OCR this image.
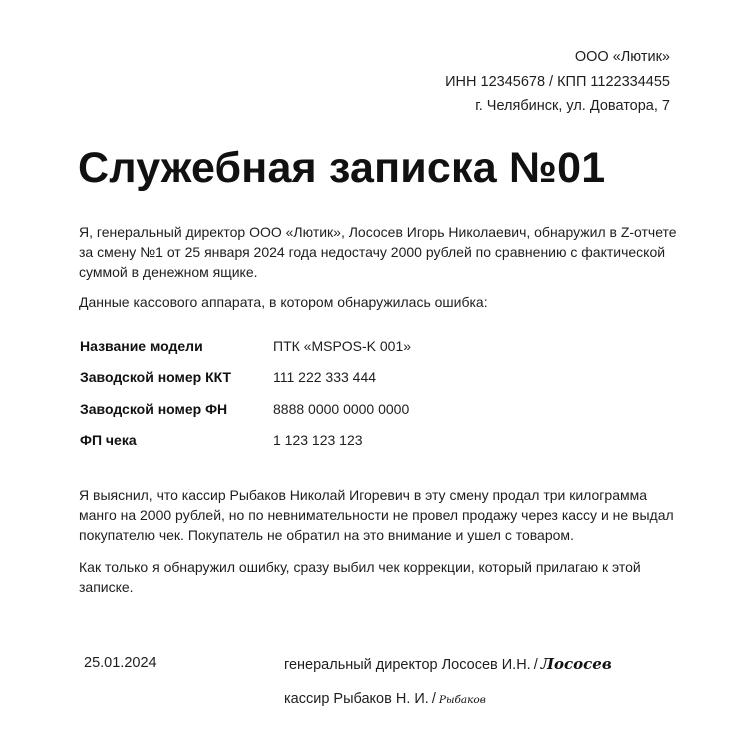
ООО «Лютик»
ИНН 12345678 / КПП 1122334455
г. Челябинск, ул. Доватора, 7
Служебная записка №01

Я, генеральный директор ООО «Лютик», Лососев Игорь Николаевич, обнаружил в Z-отчете за смену №1 от 25 января 2024 года недостачу 2000 рублей по сравнению с фактической суммой в денежном ящике.

Данные кассового аппарата, в котором обнаружилась ошибка:

Название модели	ПТК «MSPOS-K 001»
Заводской номер ККТ	111 222 333 444
Заводской номер ФН	8888 0000 0000 0000
ФП чека	1 123 123 123

Я выяснил, что кассир Рыбаков Николай Игоревич в эту смену продал три килограмма манго на 2000 рублей, но по невнимательности не провел продажу через кассу и не выдал покупателю чек. Покупатель не обратил на это внимание и ушел с товаром.

Как только я обнаружил ошибку, сразу выбил чек коррекции, который прилагаю к этой записке.

25.01.2024	генеральный директор Лососев И.Н. / Лососев
кассир Рыбаков Н. И. / Рыбаков
